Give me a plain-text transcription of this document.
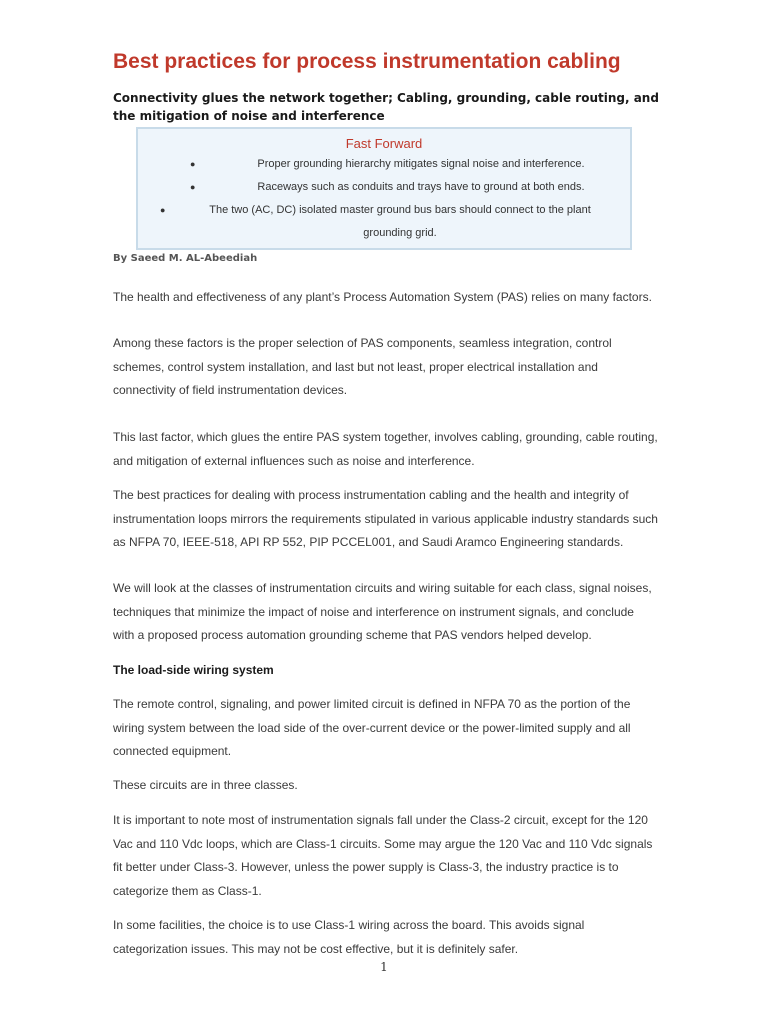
Best practices for process instrumentation cabling
Connectivity glues the network together; Cabling, grounding, cable routing, and the mitigation of noise and interference
Fast Forward
●	Proper grounding hierarchy mitigates signal noise and interference.
●	Raceways such as conduits and trays have to ground at both ends.
●	The two (AC, DC) isolated master ground bus bars should connect to the plant grounding grid.
By Saeed M. AL-Abeediah

The health and effectiveness of any plant’s Process Automation System (PAS) relies on many factors.

Among these factors is the proper selection of PAS components, seamless integration, control schemes, control system installation, and last but not least, proper electrical installation and connectivity of field instrumentation devices.

This last factor, which glues the entire PAS system together, involves cabling, grounding, cable routing, and mitigation of external influences such as noise and interference.

The best practices for dealing with process instrumentation cabling and the health and integrity of instrumentation loops mirrors the requirements stipulated in various applicable industry standards such as NFPA 70, IEEE-518, API RP 552, PIP PCCEL001, and Saudi Aramco Engineering standards.

We will look at the classes of instrumentation circuits and wiring suitable for each class, signal noises, techniques that minimize the impact of noise and interference on instrument signals, and conclude with a proposed process automation grounding scheme that PAS vendors helped develop.

The load-side wiring system

The remote control, signaling, and power limited circuit is defined in NFPA 70 as the portion of the wiring system between the load side of the over-current device or the power-limited supply and all connected equipment.

These circuits are in three classes.

It is important to note most of instrumentation signals fall under the Class-2 circuit, except for the 120 Vac and 110 Vdc loops, which are Class-1 circuits. Some may argue the 120 Vac and 110 Vdc signals fit better under Class-3. However, unless the power supply is Class-3, the industry practice is to categorize them as Class-1.

In some facilities, the choice is to use Class-1 wiring across the board. This avoids signal categorization issues. This may not be cost effective, but it is definitely safer.

1
